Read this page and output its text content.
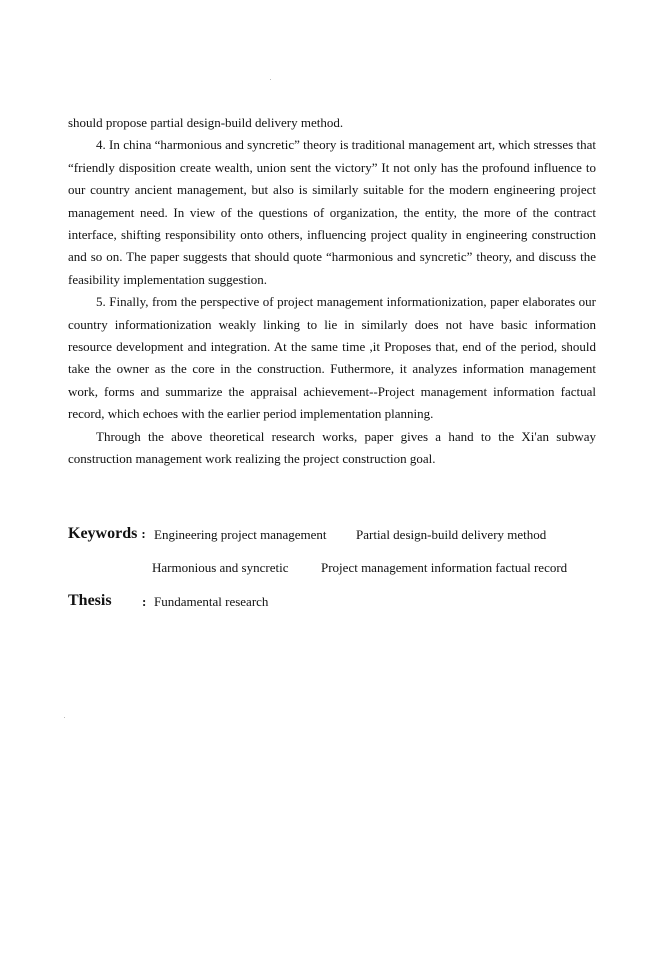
should propose partial design-build delivery method.

4. In china “harmonious and syncretic” theory is traditional management art, which stresses that “friendly disposition create wealth, union sent the victory” It not only has the profound influence to our country ancient management, but also is similarly suitable for the modern engineering project management need. In view of the questions of organization, the entity, the more of the contract interface, shifting responsibility onto others, influencing project quality in engineering construction and so on. The paper suggests that should quote “harmonious and syncretic” theory, and discuss the feasibility implementation suggestion.

5. Finally, from the perspective of project management informationization, paper elaborates our country informationization weakly linking to lie in similarly does not have basic information resource development and integration. At the same time ,it Proposes that, end of the period, should take the owner as the core in the construction. Futhermore, it analyzes information management work, forms and summarize the appraisal achievement--Project management information factual record, which echoes with the earlier period implementation planning.

Through the above theoretical research works, paper gives a hand to the Xi'an subway construction management work realizing the project construction goal.

Keywords : Engineering project management Partial design-build delivery method
Harmonious and syncretic	Project management information factual record
Thesis : Fundamental research
